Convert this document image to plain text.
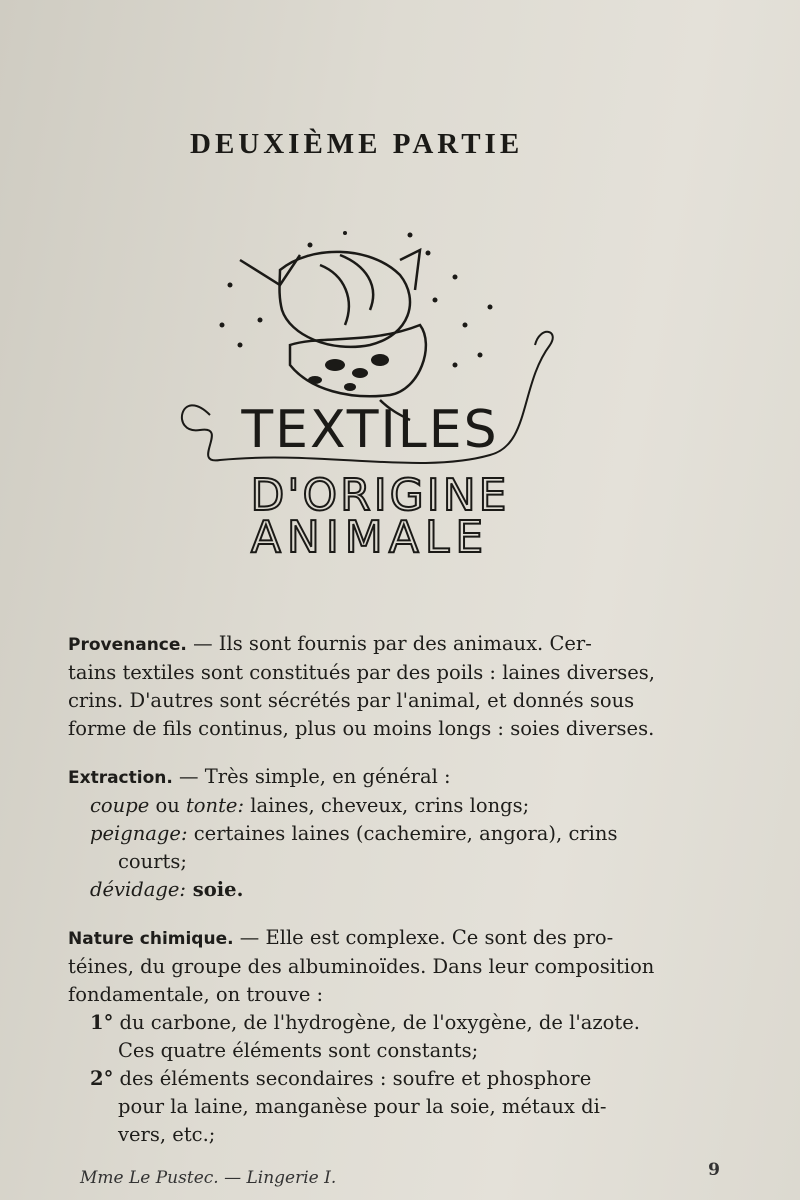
DEUXIÈME PARTIE
TEXTILES
D'ORIGINE
ANIMALE
Provenance. — Ils sont fournis par des animaux. Cer-
tains textiles sont constitués par des poils : laines diverses,
crins. D'autres sont sécrétés par l'animal, et donnés sous
forme de fils continus, plus ou moins longs : soies diverses.
Extraction. — Très simple, en général :
coupe ou tonte: laines, cheveux, crins longs;
peignage: certaines laines (cachemire, angora), crins
courts;
dévidage: soie.
Nature chimique. — Elle est complexe. Ce sont des pro-
téines, du groupe des albuminoïdes. Dans leur composition
fondamentale, on trouve :
1° du carbone, de l'hydrogène, de l'oxygène, de l'azote.
Ces quatre éléments sont constants;
2° des éléments secondaires : soufre et phosphore
pour la laine, manganèse pour la soie, métaux di-
vers, etc.;
Mme Le Pustec. — Lingerie I.	9
